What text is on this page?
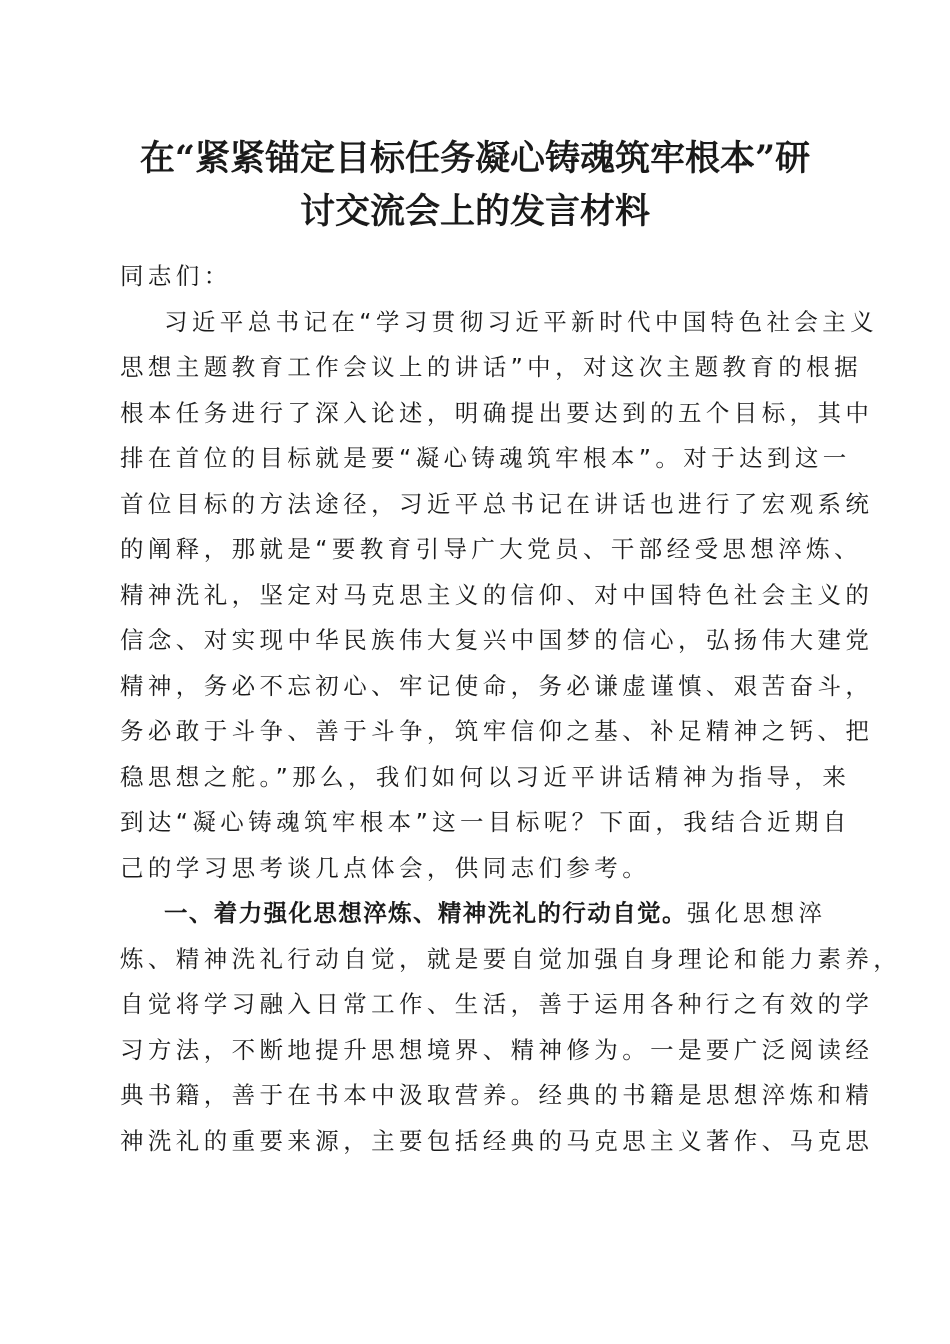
在“紧紧锚定目标任务凝心铸魂筑牢根本”研
讨交流会上的发言材料
同志们：
习近平总书记在“学习贯彻习近平新时代中国特色社会主义
思想主题教育工作会议上的讲话”中，对这次主题教育的根据
根本任务进行了深入论述，明确提出要达到的五个目标，其中
排在首位的目标就是要“凝心铸魂筑牢根本”。对于达到这一
首位目标的方法途径，习近平总书记在讲话也进行了宏观系统
的阐释，那就是“要教育引导广大党员、干部经受思想淬炼、
精神洗礼，坚定对马克思主义的信仰、对中国特色社会主义的
信念、对实现中华民族伟大复兴中国梦的信心，弘扬伟大建党
精神，务必不忘初心、牢记使命，务必谦虚谨慎、艰苦奋斗，
务必敢于斗争、善于斗争，筑牢信仰之基、补足精神之钙、把
稳思想之舵。”那么，我们如何以习近平讲话精神为指导，来
到达“凝心铸魂筑牢根本”这一目标呢？下面，我结合近期自
己的学习思考谈几点体会，供同志们参考。
一、着力强化思想淬炼、精神洗礼的行动自觉。强化思想淬
炼、精神洗礼行动自觉，就是要自觉加强自身理论和能力素养，
自觉将学习融入日常工作、生活，善于运用各种行之有效的学
习方法，不断地提升思想境界、精神修为。一是要广泛阅读经
典书籍，善于在书本中汲取营养。经典的书籍是思想淬炼和精
神洗礼的重要来源，主要包括经典的马克思主义著作、马克思
